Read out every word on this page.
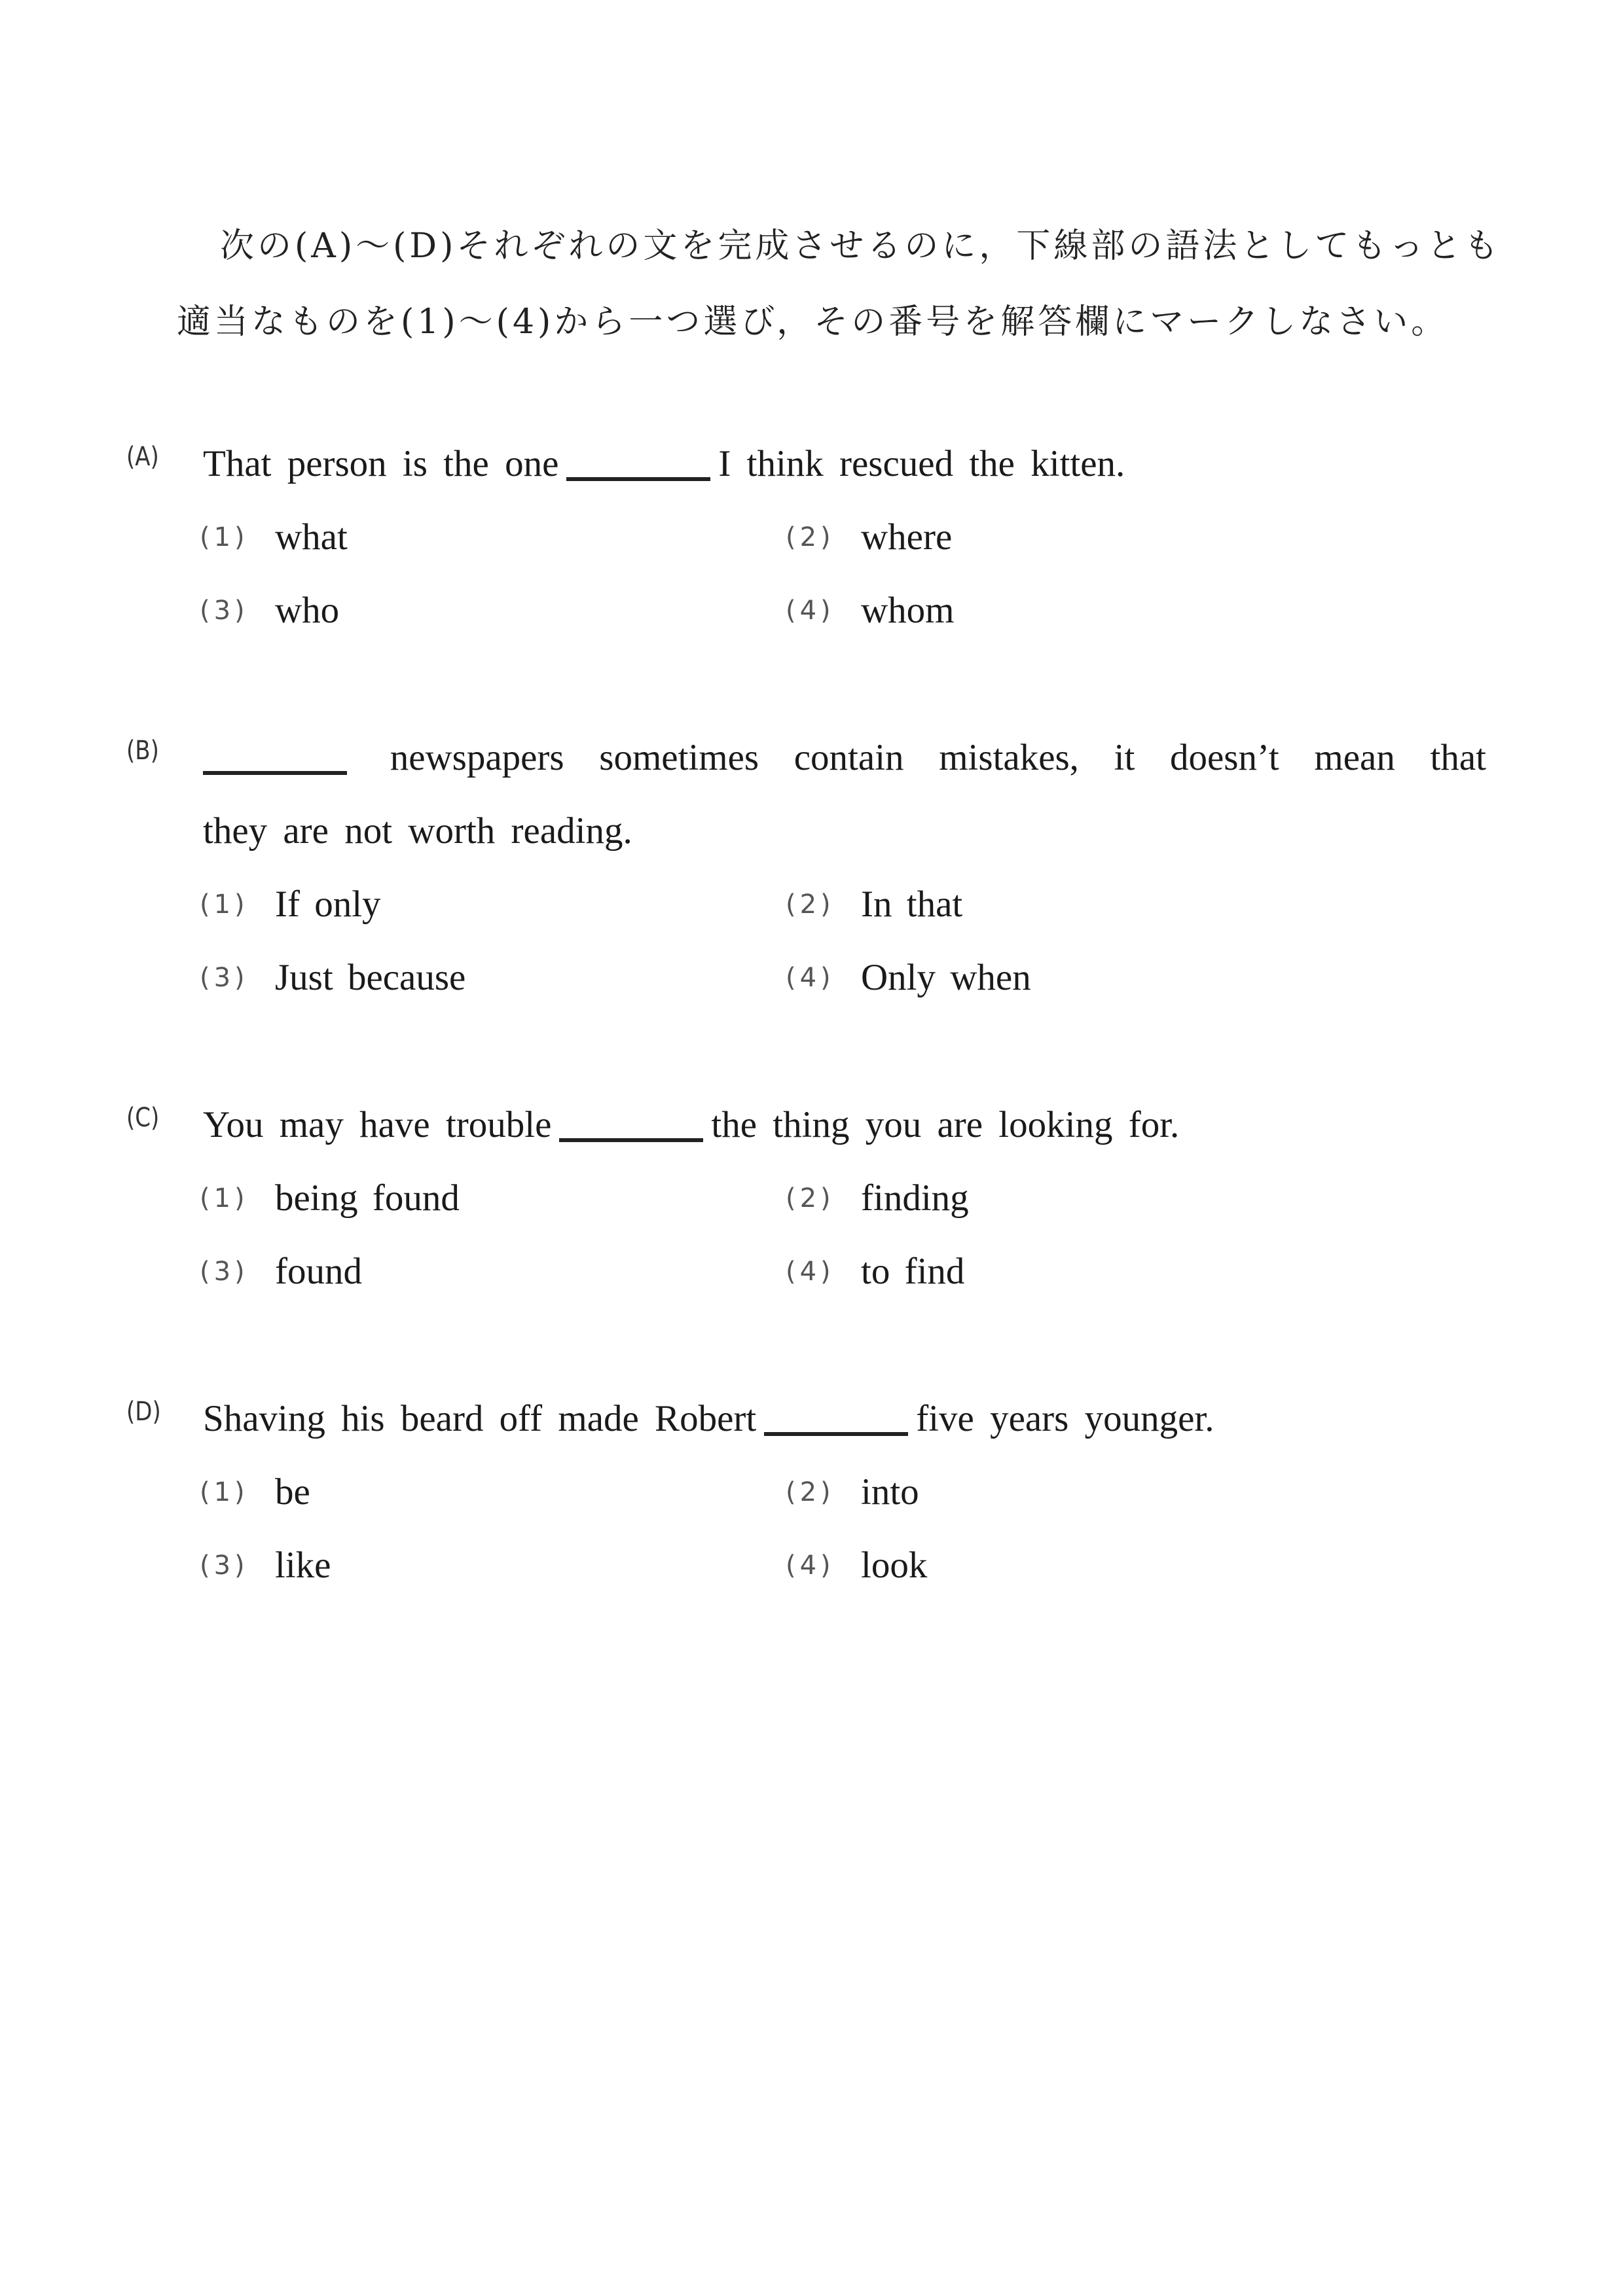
次の(A)～(D)それぞれの文を完成させるのに，下線部の語法としてもっとも
適当なものを(1)～(4)から一つ選び，その番号を解答欄にマークしなさい。
(A) That person is the one	I think rescued the kitten.
(1) what	(2) where
(3) who	(4) whom
(B)	newspapers sometimes contain mistakes, it doesn’t mean that
they are not worth reading.
(1) If only	(2) In that
(3) Just because	(4) Only when
(C) You may have trouble	the thing you are looking for.
(1) being found	(2) finding
(3) found	(4) to find
(D) Shaving his beard off made Robert	five years younger.
(1) be	(2) into
(3) like	(4) look
